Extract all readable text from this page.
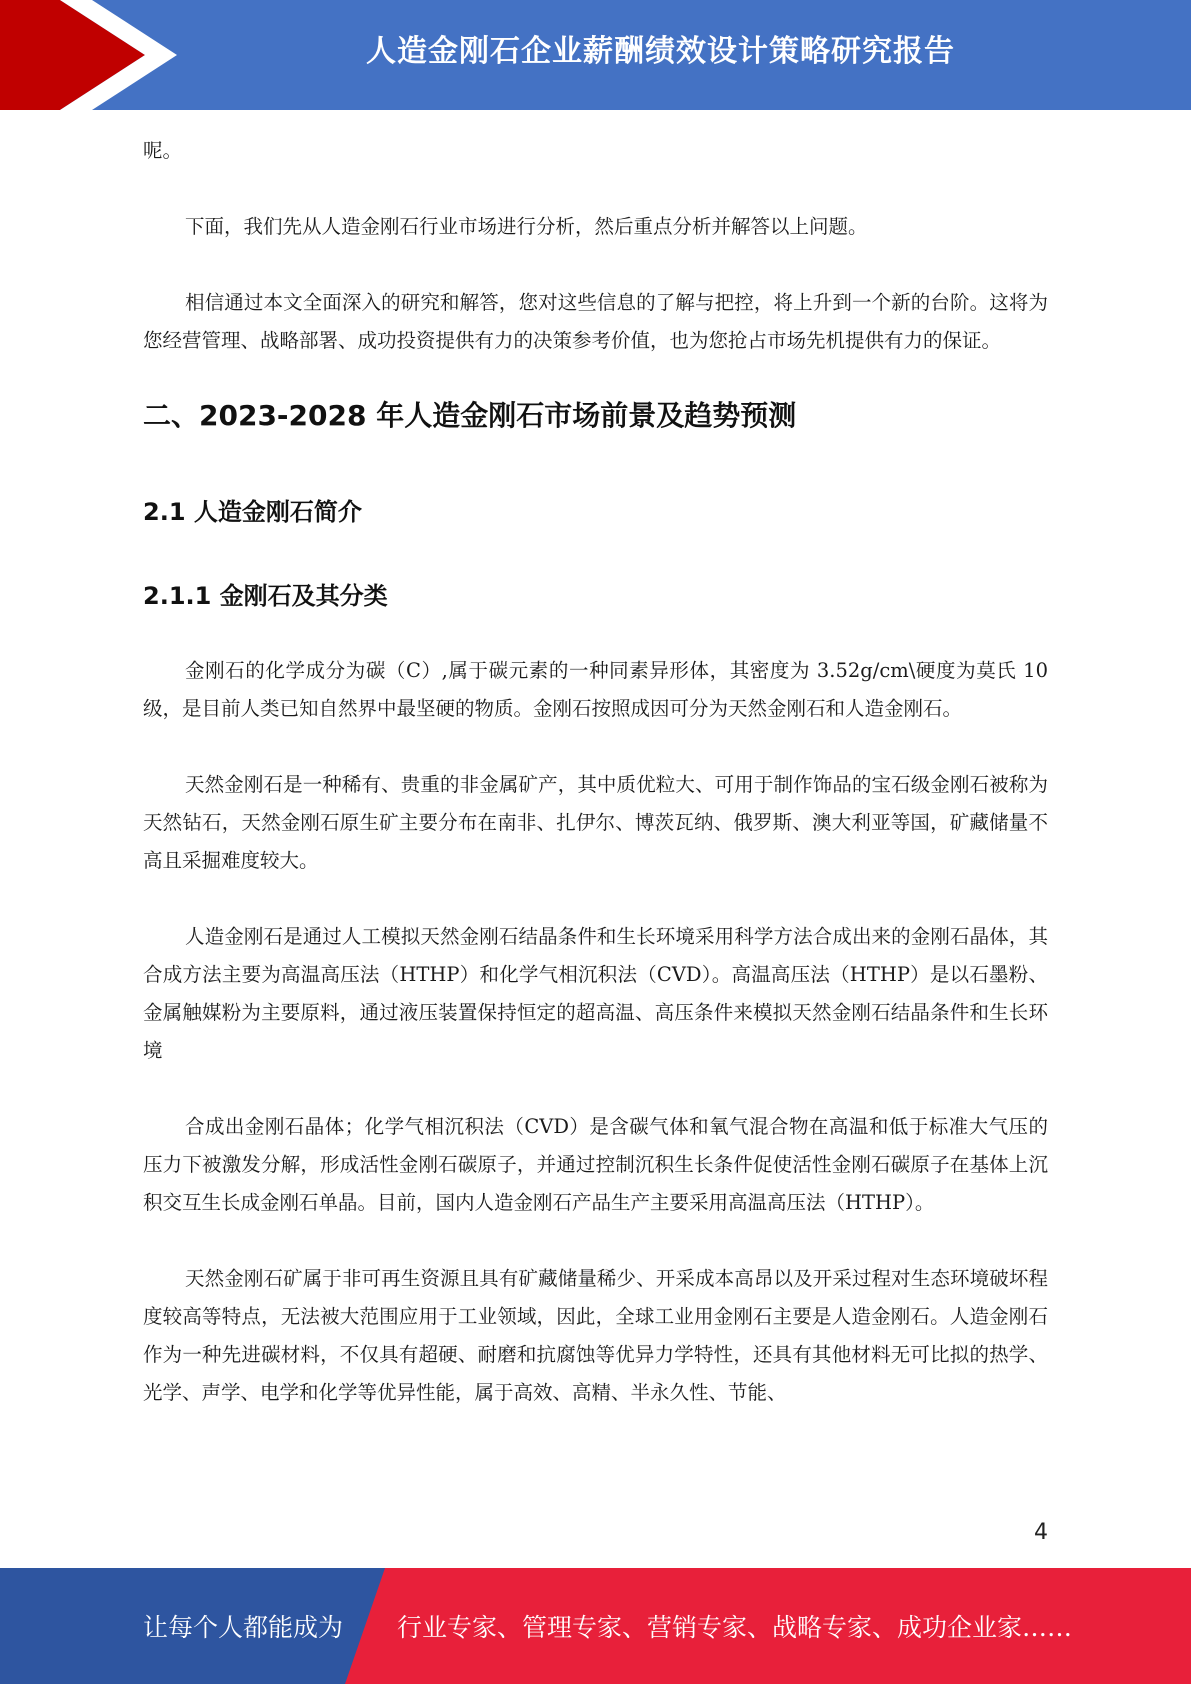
人造金刚石企业薪酬绩效设计策略研究报告

呢。

下面，我们先从人造金刚石行业市场进行分析，然后重点分析并解答以上问题。

相信通过本文全面深入的研究和解答，您对这些信息的了解与把控，将上升到一个新的台阶。这将为您经营管理、战略部署、成功投资提供有力的决策参考价值，也为您抢占市场先机提供有力的保证。

二、2023-2028 年人造金刚石市场前景及趋势预测
2.1 人造金刚石简介
2.1.1 金刚石及其分类

金刚石的化学成分为碳（C）,属于碳元素的一种同素异形体，其密度为 3.52g/cm\硬度为莫氏 10 级，是目前人类已知自然界中最坚硬的物质。金刚石按照成因可分为天然金刚石和人造金刚石。

天然金刚石是一种稀有、贵重的非金属矿产，其中质优粒大、可用于制作饰品的宝石级金刚石被称为天然钻石，天然金刚石原生矿主要分布在南非、扎伊尔、博茨瓦纳、俄罗斯、澳大利亚等国，矿藏储量不高且采掘难度较大。

人造金刚石是通过人工模拟天然金刚石结晶条件和生长环境采用科学方法合成出来的金刚石晶体，其合成方法主要为高温高压法（HTHP）和化学气相沉积法（CVD）。高温高压法（HTHP）是以石墨粉、金属触媒粉为主要原料，通过液压装置保持恒定的超高温、高压条件来模拟天然金刚石结晶条件和生长环境

合成出金刚石晶体；化学气相沉积法（CVD）是含碳气体和氧气混合物在高温和低于标准大气压的压力下被激发分解，形成活性金刚石碳原子，并通过控制沉积生长条件促使活性金刚石碳原子在基体上沉积交互生长成金刚石单晶。目前，国内人造金刚石产品生产主要采用高温高压法（HTHP）。

天然金刚石矿属于非可再生资源且具有矿藏储量稀少、开采成本高昂以及开采过程对生态环境破坏程度较高等特点，无法被大范围应用于工业领域，因此，全球工业用金刚石主要是人造金刚石。人造金刚石作为一种先进碳材料，不仅具有超硬、耐磨和抗腐蚀等优异力学特性，还具有其他材料无可比拟的热学、光学、声学、电学和化学等优异性能，属于高效、高精、半永久性、节能、

4
让每个人都能成为 行业专家、管理专家、营销专家、战略专家、成功企业家……
